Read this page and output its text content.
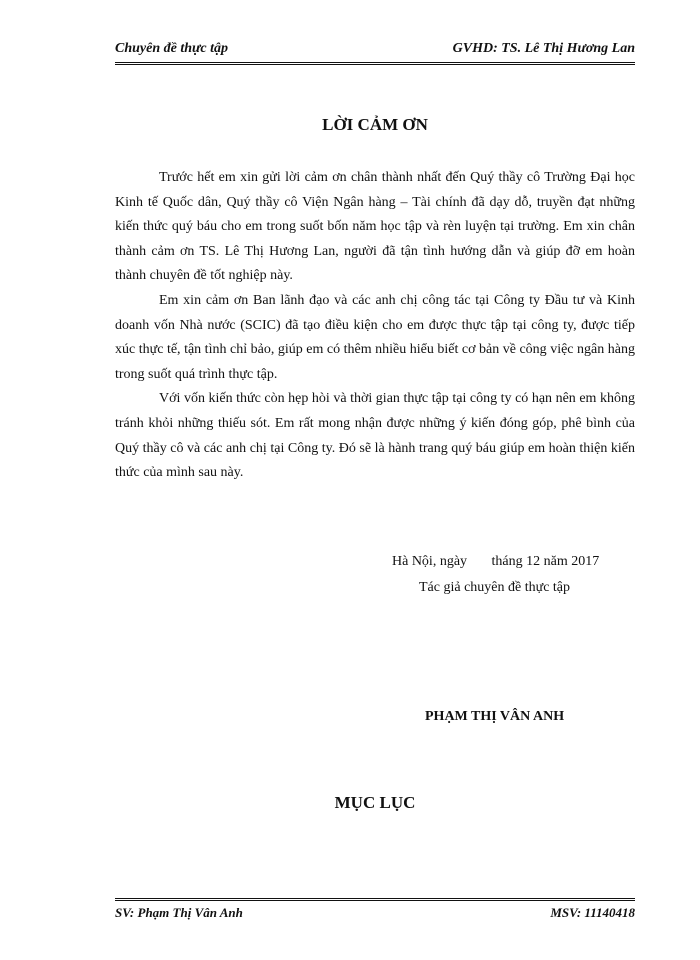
Chuyên đề thực tập	GVHD: TS. Lê Thị Hương Lan
LỜI CẢM ƠN

Trước hết em xin gửi lời cảm ơn chân thành nhất đến Quý thầy cô Trường Đại học Kinh tế Quốc dân, Quý thầy cô Viện Ngân hàng – Tài chính đã dạy dỗ, truyền đạt những kiến thức quý báu cho em trong suốt bốn năm học tập và rèn luyện tại trường. Em xin chân thành cảm ơn TS. Lê Thị Hương Lan, người đã tận tình hướng dẫn và giúp đỡ em hoàn thành chuyên đề tốt nghiệp này.

Em xin cảm ơn Ban lãnh đạo và các anh chị công tác tại Công ty Đầu tư và Kinh doanh vốn Nhà nước (SCIC) đã tạo điều kiện cho em được thực tập tại công ty, được tiếp xúc thực tế, tận tình chỉ bảo, giúp em có thêm nhiều hiểu biết cơ bản về công việc ngân hàng trong suốt quá trình thực tập.

Với vốn kiến thức còn hẹp hòi và thời gian thực tập tại công ty có hạn nên em không tránh khỏi những thiếu sót. Em rất mong nhận được những ý kiến đóng góp, phê bình của Quý thầy cô và các anh chị tại Công ty. Đó sẽ là hành trang quý báu giúp em hoàn thiện kiến thức của mình sau này.

Hà Nội, ngày       tháng 12 năm 2017
Tác giả chuyên đề thực tập
PHẠM THỊ VÂN ANH
MỤC LỤC
SV: Phạm Thị Vân Anh	MSV: 11140418
